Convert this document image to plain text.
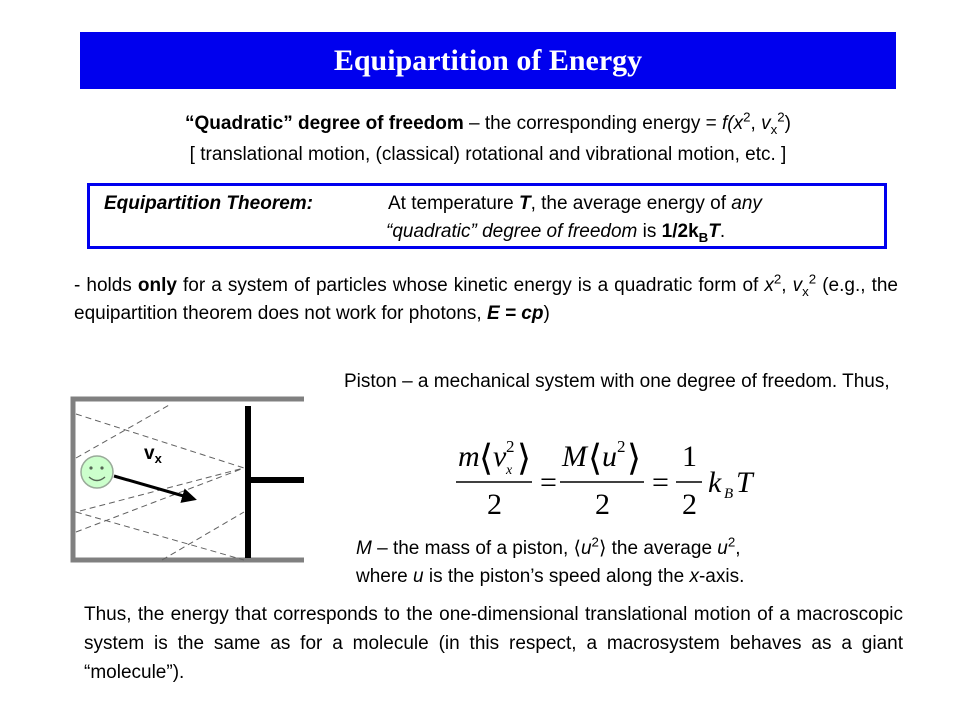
Equipartition of Energy
“Quadratic” degree of freedom – the corresponding energy = $f(x^2$, $v_x^2$)
[ translational motion, (classical) rotational and vibrational motion, etc. ]
Equipartition Theorem:	At temperature T, the average energy of any
“quadratic” degree of freedom is $1/2k_BT$.
- holds only for a system of particles whose kinetic energy is a quadratic form of $x^2$, $v_x^2$ (e.g., the equipartition theorem does not work for photons, E = cp)
Piston – a mechanical system with one degree of freedom. Thus,
$v_x$	m ⟨ v 2
x ⟩
2
=
M ⟨ u 2 ⟩
2
=
1
2
k B T
M – the mass of a piston, $⟨u^2⟩$ the average $u^2$,
where u is the piston’s speed along the x-axis.
Thus, the energy that corresponds to the one-dimensional translational motion of a macroscopic system is the same as for a molecule (in this respect, a macrosystem behaves as a giant “molecule”).
